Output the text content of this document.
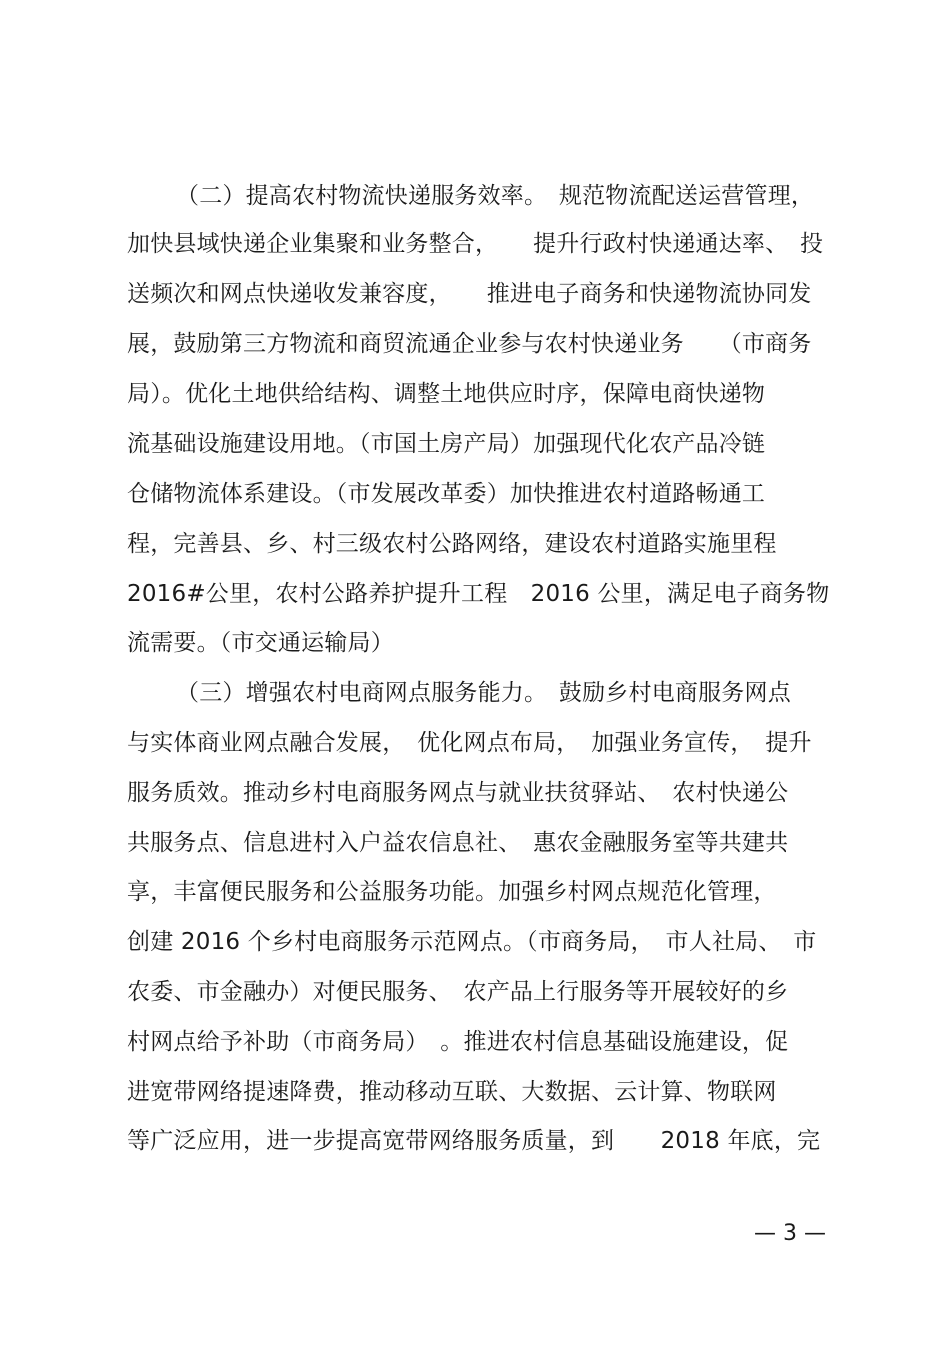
（二）提高农村物流快递服务效率。　规范物流配送运营管理，
加快县域快递企业集聚和业务整合，　　提升行政村快递通达率、　投
送频次和网点快递收发兼容度，　　推进电子商务和快递物流协同发
展，鼓励第三方物流和商贸流通企业参与农村快递业务　　（市商务
局）。优化土地供给结构、调整土地供应时序，保障电商快递物
流基础设施建设用地。（市国土房产局）加强现代化农产品冷链
仓储物流体系建设。（市发展改革委）加快推进农村道路畅通工
程，完善县、乡、村三级农村公路网络，建设农村道路实施里程
2016#公里，农村公路养护提升工程　2016 公里，满足电子商务物
流需要。（市交通运输局）
（三）增强农村电商网点服务能力。　鼓励乡村电商服务网点
与实体商业网点融合发展，　优化网点布局，　加强业务宣传，　提升
服务质效。推动乡村电商服务网点与就业扶贫驿站、　农村快递公
共服务点、信息进村入户益农信息社、　惠农金融服务室等共建共
享，丰富便民服务和公益服务功能。加强乡村网点规范化管理，
创建 2016 个乡村电商服务示范网点。（市商务局，　市人社局、　市
农委、市金融办）对便民服务、　农产品上行服务等开展较好的乡
村网点给予补助（市商务局）　。推进农村信息基础设施建设，促
进宽带网络提速降费，推动移动互联、大数据、云计算、物联网
等广泛应用，进一步提高宽带网络服务质量，到　　2018 年底，完
— 3 —
